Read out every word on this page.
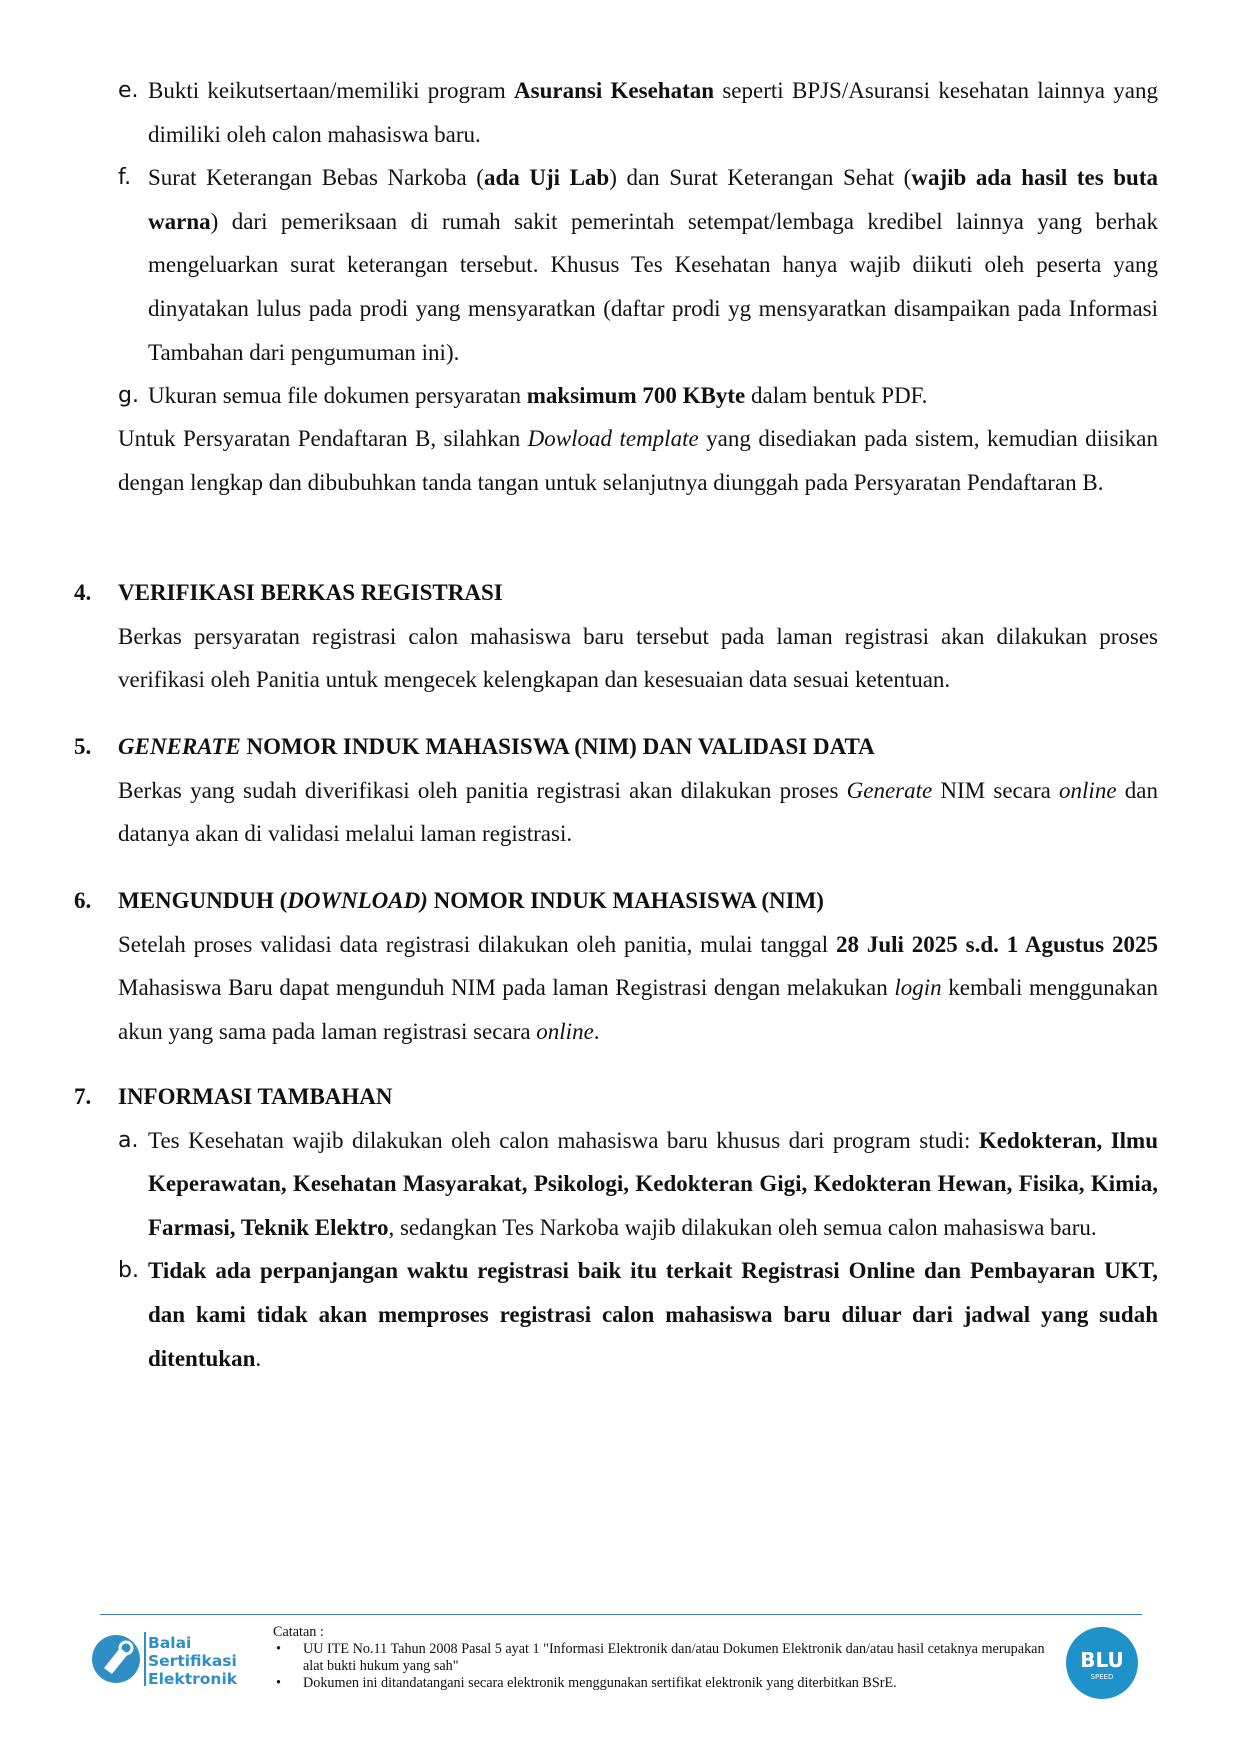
e. Bukti keikutsertaan/memiliki program Asuransi Kesehatan seperti BPJS/Asuransi kesehatan lainnya yang dimiliki oleh calon mahasiswa baru.
f. Surat Keterangan Bebas Narkoba (ada Uji Lab) dan Surat Keterangan Sehat (wajib ada hasil tes buta warna) dari pemeriksaan di rumah sakit pemerintah setempat/lembaga kredibel lainnya yang berhak mengeluarkan surat keterangan tersebut. Khusus Tes Kesehatan hanya wajib diikuti oleh peserta yang dinyatakan lulus pada prodi yang mensyaratkan (daftar prodi yg mensyaratkan disampaikan pada Informasi Tambahan dari pengumuman ini).
g. Ukuran semua file dokumen persyaratan maksimum 700 KByte dalam bentuk PDF.

Untuk Persyaratan Pendaftaran B, silahkan Dowload template yang disediakan pada sistem, kemudian diisikan dengan lengkap dan dibubuhkan tanda tangan untuk selanjutnya diunggah pada Persyaratan Pendaftaran B.

4.	VERIFIKASI BERKAS REGISTRASI
Berkas persyaratan registrasi calon mahasiswa baru tersebut pada laman registrasi akan dilakukan proses verifikasi oleh Panitia untuk mengecek kelengkapan dan kesesuaian data sesuai ketentuan.
5.	GENERATE NOMOR INDUK MAHASISWA (NIM) DAN VALIDASI DATA
Berkas yang sudah diverifikasi oleh panitia registrasi akan dilakukan proses Generate NIM secara online dan datanya akan di validasi melalui laman registrasi.
6.	MENGUNDUH (DOWNLOAD) NOMOR INDUK MAHASISWA (NIM)
Setelah proses validasi data registrasi dilakukan oleh panitia, mulai tanggal 28 Juli 2025 s.d. 1 Agustus 2025 Mahasiswa Baru dapat mengunduh NIM pada laman Registrasi dengan melakukan login kembali menggunakan akun yang sama pada laman registrasi secara online.
7.	INFORMASI TAMBAHAN
a. Tes Kesehatan wajib dilakukan oleh calon mahasiswa baru khusus dari program studi: Kedokteran, Ilmu Keperawatan, Kesehatan Masyarakat, Psikologi, Kedokteran Gigi, Kedokteran Hewan, Fisika, Kimia, Farmasi, Teknik Elektro, sedangkan Tes Narkoba wajib dilakukan oleh semua calon mahasiswa baru.
b. Tidak ada perpanjangan waktu registrasi baik itu terkait Registrasi Online dan Pembayaran UKT, dan kami tidak akan memproses registrasi calon mahasiswa baru diluar dari jadwal yang sudah ditentukan.
Balai
Sertifikasi
Elektronik
Catatan :
• UU ITE No.11 Tahun 2008 Pasal 5 ayat 1 "Informasi Elektronik dan/atau Dokumen Elektronik dan/atau hasil cetaknya merupakan alat bukti hukum yang sah"
• Dokumen ini ditandatangani secara elektronik menggunakan sertifikat elektronik yang diterbitkan BSrE.
BLU
SPEED
